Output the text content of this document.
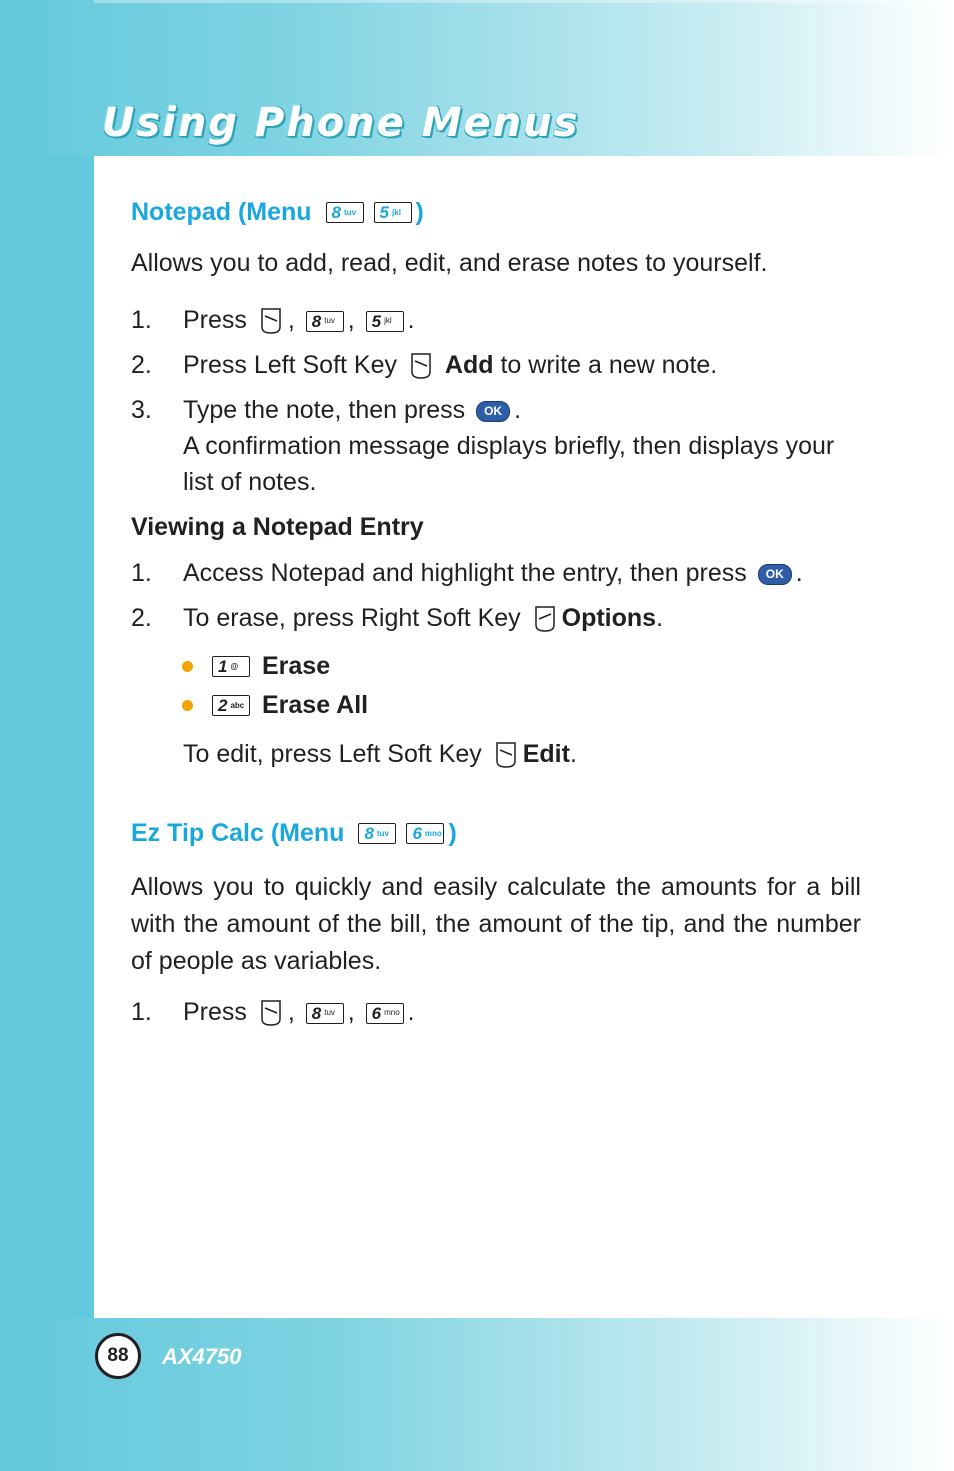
Using Phone Menus
Notepad (Menu 8 tuv 5 jkl )
Allows you to add, read, edit, and erase notes to yourself.
1. Press , 8 tuv , 5 jkl .
2. Press Left Soft Key Add to write a new note.
3. Type the note, then press OK .
A confirmation message displays briefly, then displays your list of notes.
Viewing a Notepad Entry
1. Access Notepad and highlight the entry, then press OK .
2. To erase, press Right Soft Key Options.
1 @ Erase
2 abc Erase All
To edit, press Left Soft Key Edit.
Ez Tip Calc (Menu 8 tuv 6 mno )
Allows you to quickly and easily calculate the amounts for a bill with the amount of the bill, the amount of the tip, and the number of people as variables.
1. Press , 8 tuv , 6 mno .
88 AX4750
